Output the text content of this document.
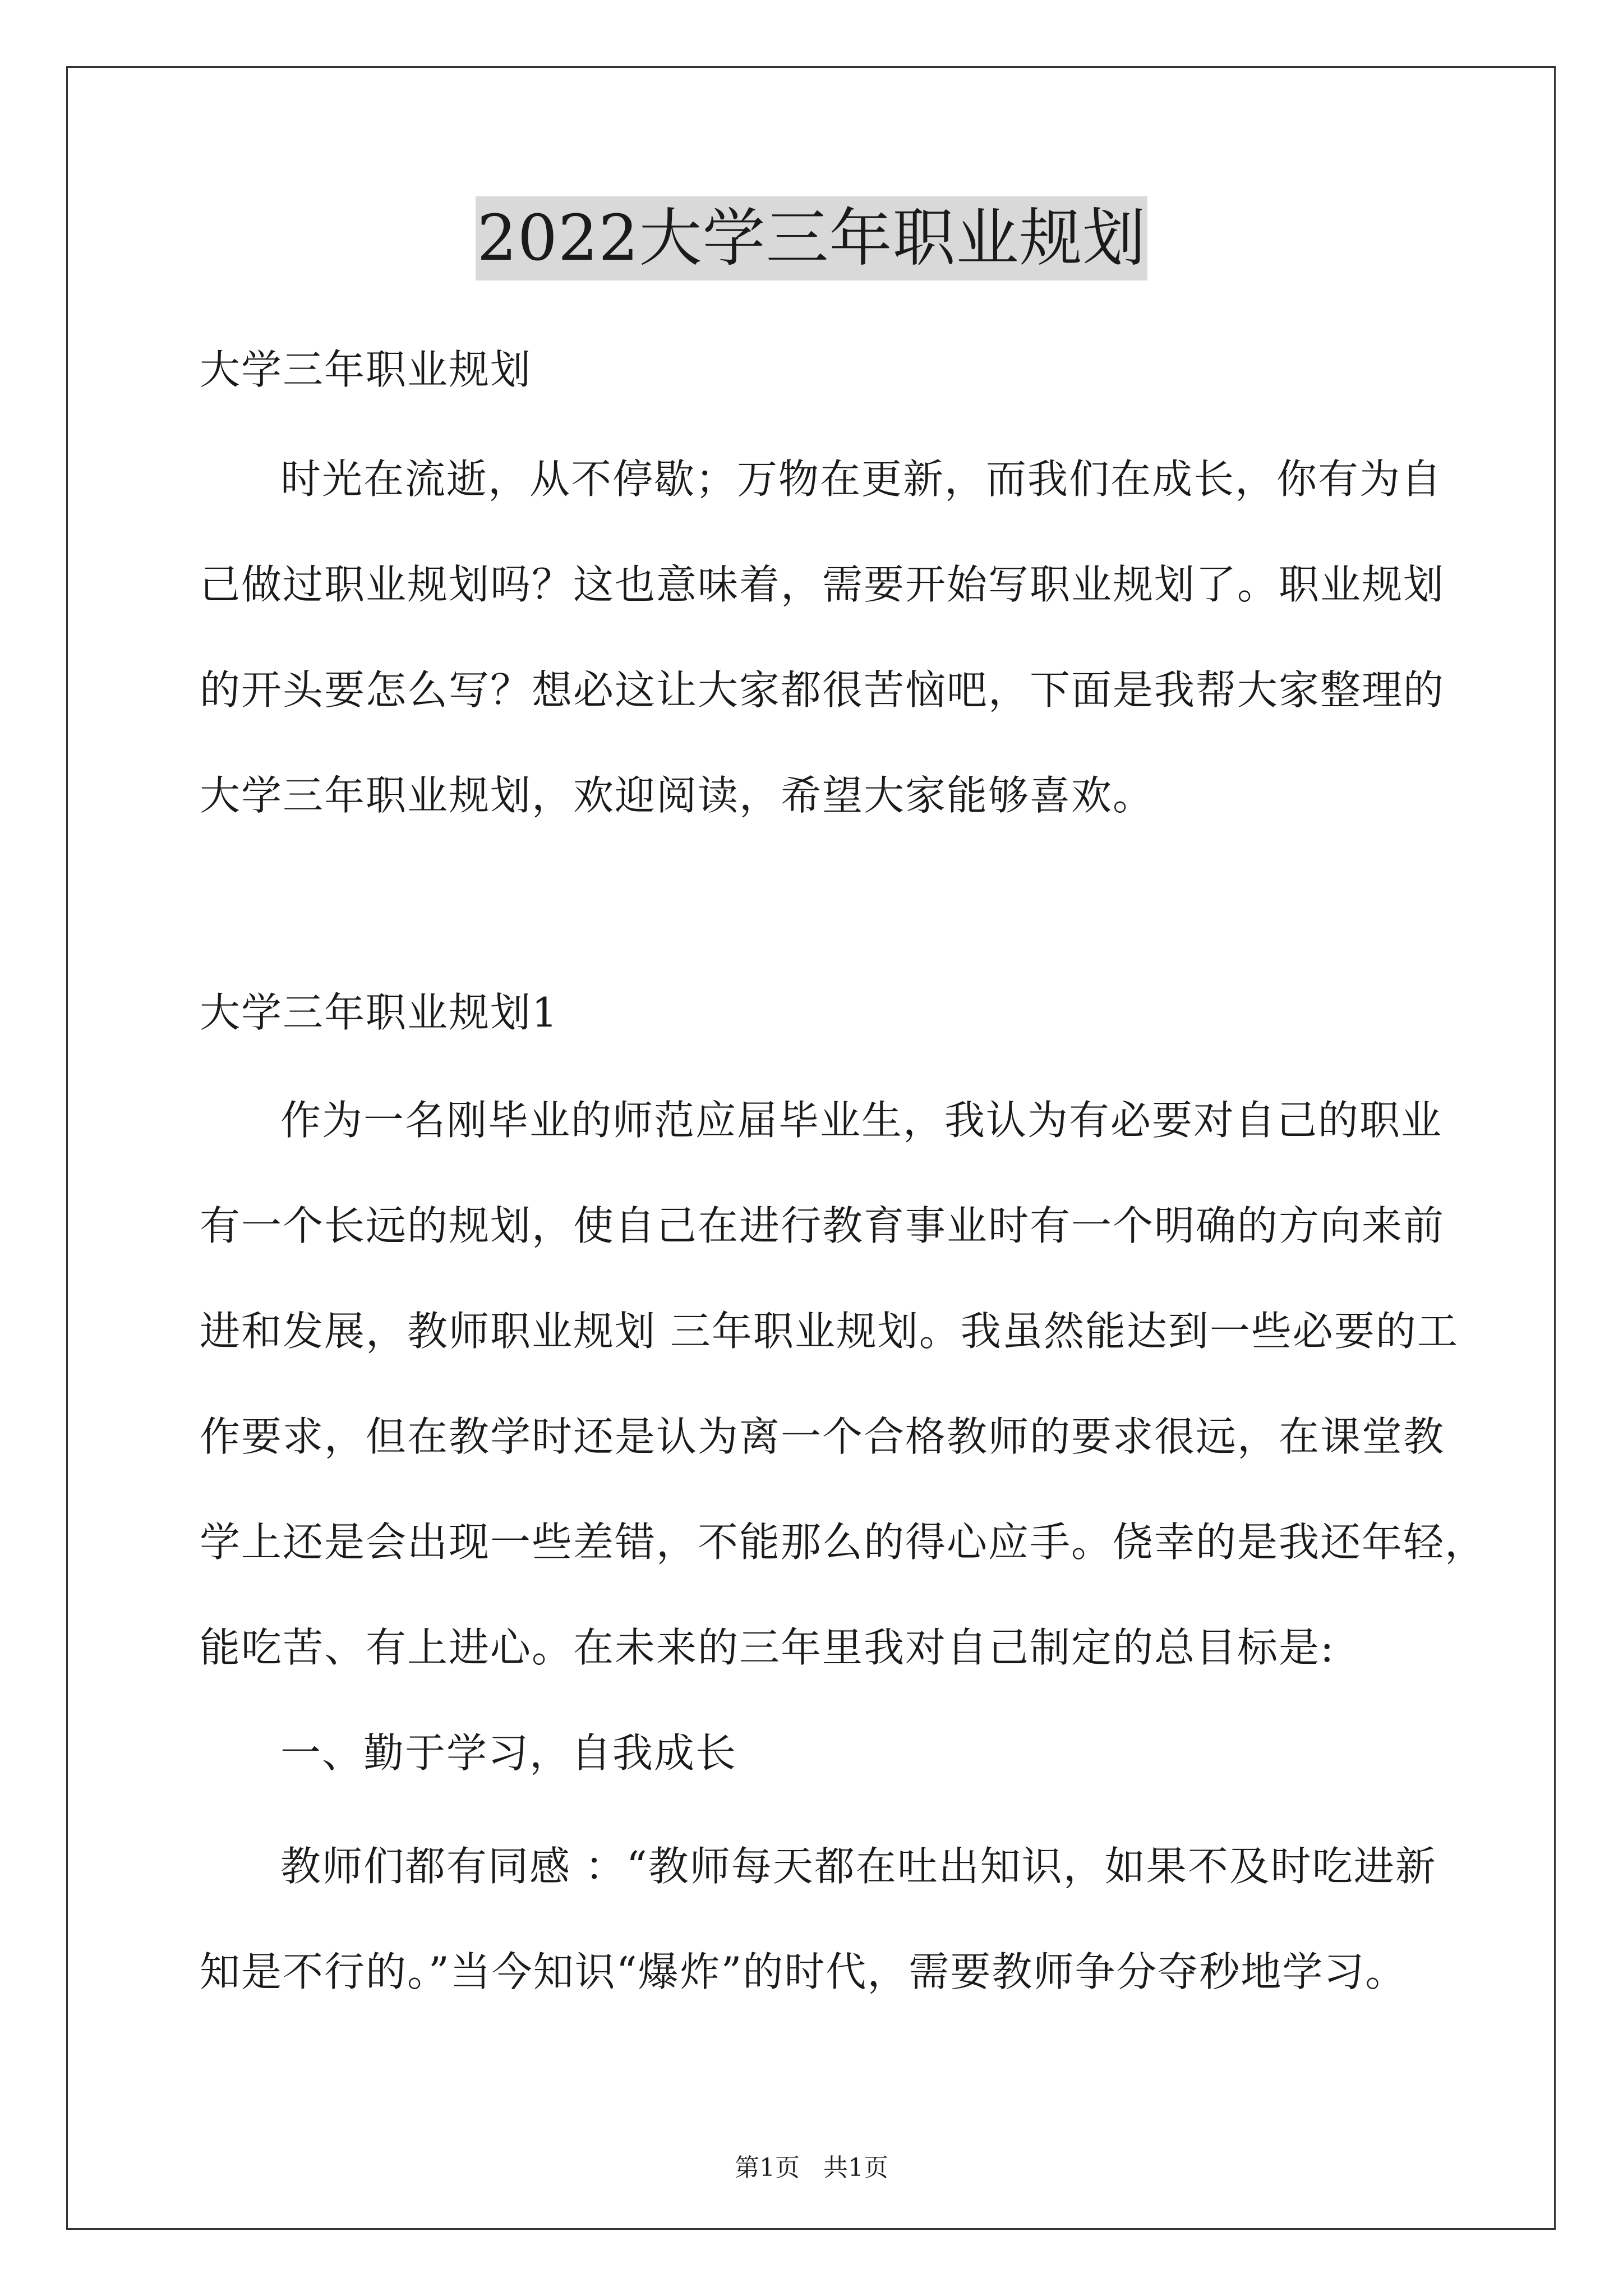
2022大学三年职业规划
大学三年职业规划
时光在流逝，从不停歇；万物在更新，而我们在成长，你有为自
己做过职业规划吗？这也意味着，需要开始写职业规划了。职业规划
的开头要怎么写？想必这让大家都很苦恼吧，下面是我帮大家整理的
大学三年职业规划，欢迎阅读，希望大家能够喜欢。
大学三年职业规划1
作为一名刚毕业的师范应届毕业生，我认为有必要对自己的职业
有一个长远的规划，使自己在进行教育事业时有一个明确的方向来前
进和发展，教师职业规划 三年职业规划。我虽然能达到一些必要的工
作要求，但在教学时还是认为离一个合格教师的要求很远，在课堂教
学上还是会出现一些差错，不能那么的得心应手。侥幸的是我还年轻，
能吃苦、有上进心。在未来的三年里我对自己制定的总目标是:
一、勤于学习，自我成长
教师们都有同感 ：“教师每天都在吐出知识，如果不及时吃进新
知是不行的。”当今知识“爆炸”的时代，需要教师争分夺秒地学习。
第1页   共1页
